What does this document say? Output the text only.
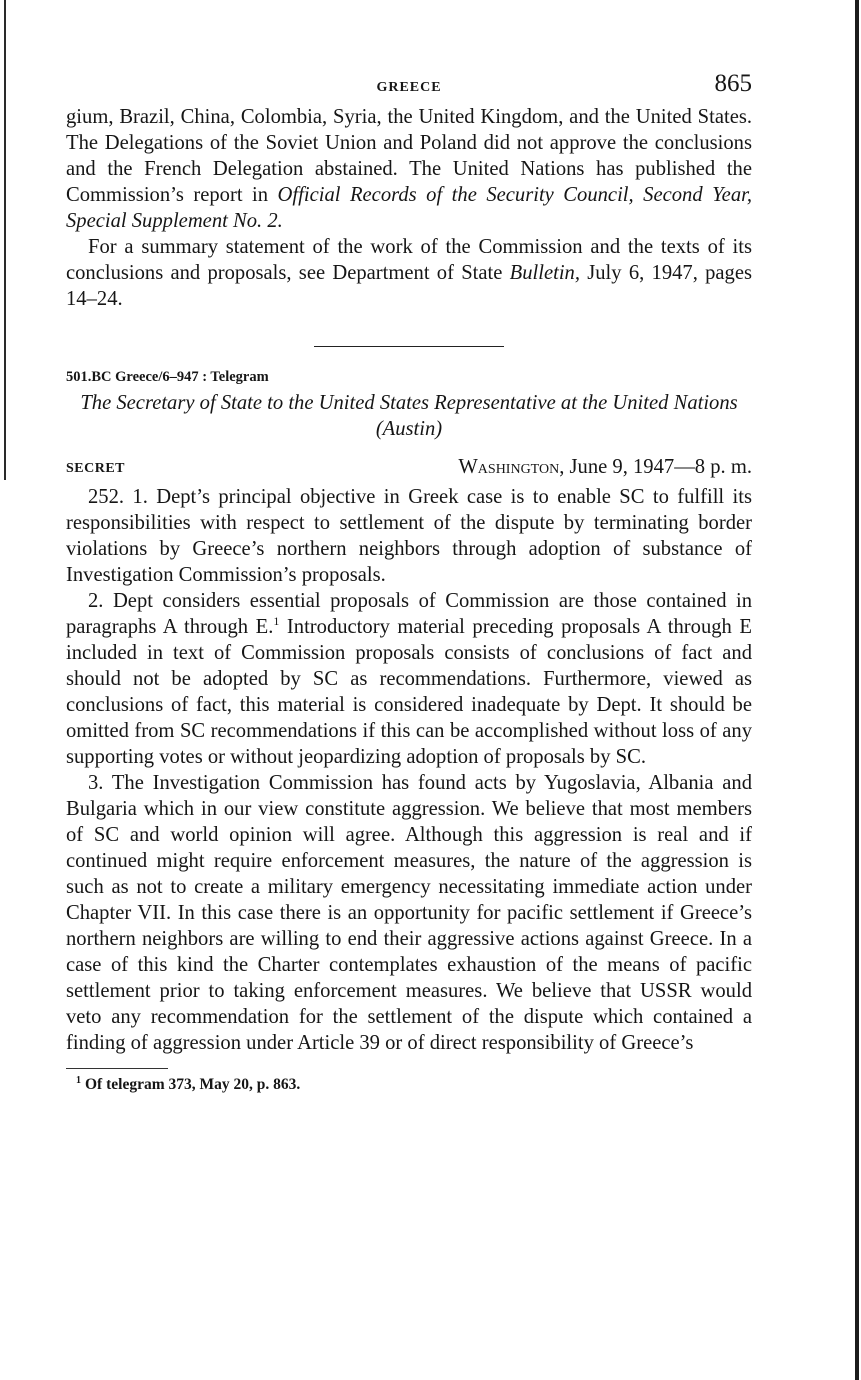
GREECE	865

gium, Brazil, China, Colombia, Syria, the United Kingdom, and the United States. The Delegations of the Soviet Union and Poland did not approve the conclusions and the French Delegation abstained. The United Nations has published the Commission’s report in Official Records of the Security Council, Second Year, Special Supplement No. 2.

For a summary statement of the work of the Commission and the texts of its conclusions and proposals, see Department of State Bulletin, July 6, 1947, pages 14–24.

501.BC Greece/6–947 : Telegram
The Secretary of State to the United States Representative at the United Nations (Austin)
SECRET	Washington, June 9, 1947—8 p. m.

252. 1. Dept’s principal objective in Greek case is to enable SC to fulfill its responsibilities with respect to settlement of the dispute by terminating border violations by Greece’s northern neighbors through adoption of substance of Investigation Commission’s proposals.

2. Dept considers essential proposals of Commission are those contained in paragraphs A through E.$^1$ Introductory material preceding proposals A through E included in text of Commission proposals consists of conclusions of fact and should not be adopted by SC as recommendations. Furthermore, viewed as conclusions of fact, this material is considered inadequate by Dept. It should be omitted from SC recommendations if this can be accomplished without loss of any supporting votes or without jeopardizing adoption of proposals by SC.

3. The Investigation Commission has found acts by Yugoslavia, Albania and Bulgaria which in our view constitute aggression. We believe that most members of SC and world opinion will agree. Although this aggression is real and if continued might require enforcement measures, the nature of the aggression is such as not to create a military emergency necessitating immediate action under Chapter VII. In this case there is an opportunity for pacific settlement if Greece’s northern neighbors are willing to end their aggressive actions against Greece. In a case of this kind the Charter contemplates exhaustion of the means of pacific settlement prior to taking enforcement measures. We believe that USSR would veto any recommendation for the settlement of the dispute which contained a finding of aggression under Article 39 or of direct responsibility of Greece’s

$^1$ Of telegram 373, May 20, p. 863.
